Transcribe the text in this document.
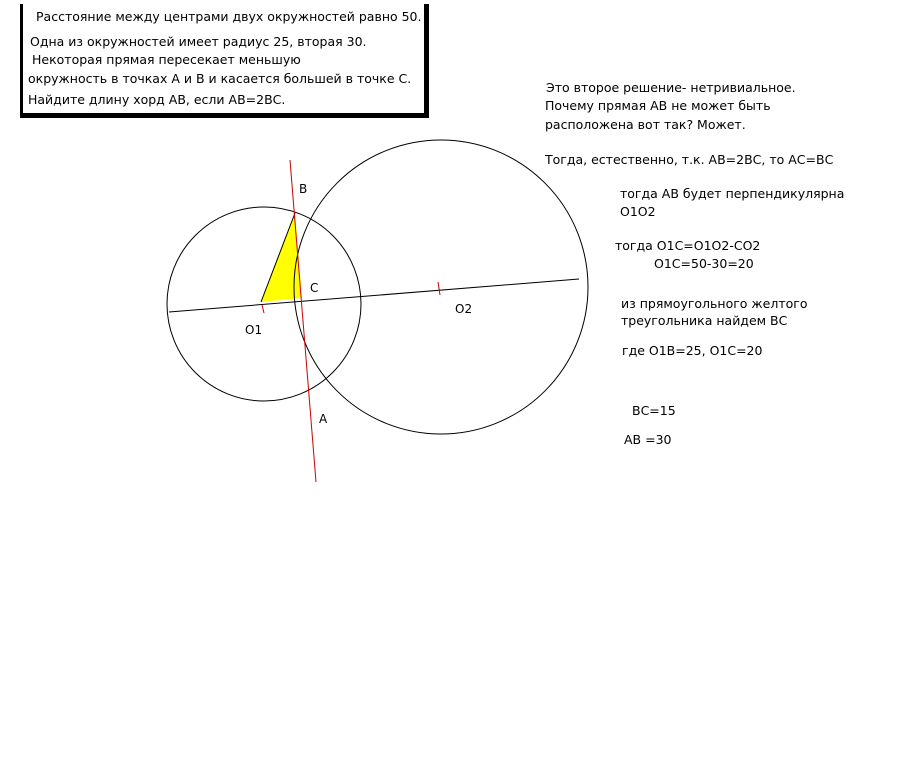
Расстояние между центрами двух окружностей равно 50.
Одна из окружностей имеет радиус 25, вторая 30.
Некоторая прямая пересекает меньшую
окружность в точках А и В и касается большей в точке С.
Найдите длину хорд АВ, если АВ=2ВС.
B
C
A
O1
O2
Это второе решение- нетривиальное.
Почему прямая АВ не может быть
расположена вот так? Может.
Тогда, естественно, т.к. АВ=2ВС, то АС=ВС
тогда АВ будет перпендикулярна
О1О2
тогда О1С=О1О2-СО2
О1С=50-30=20
из прямоугольного желтого
треугольника найдем ВС
где О1В=25, О1С=20
ВС=15
АВ =30
